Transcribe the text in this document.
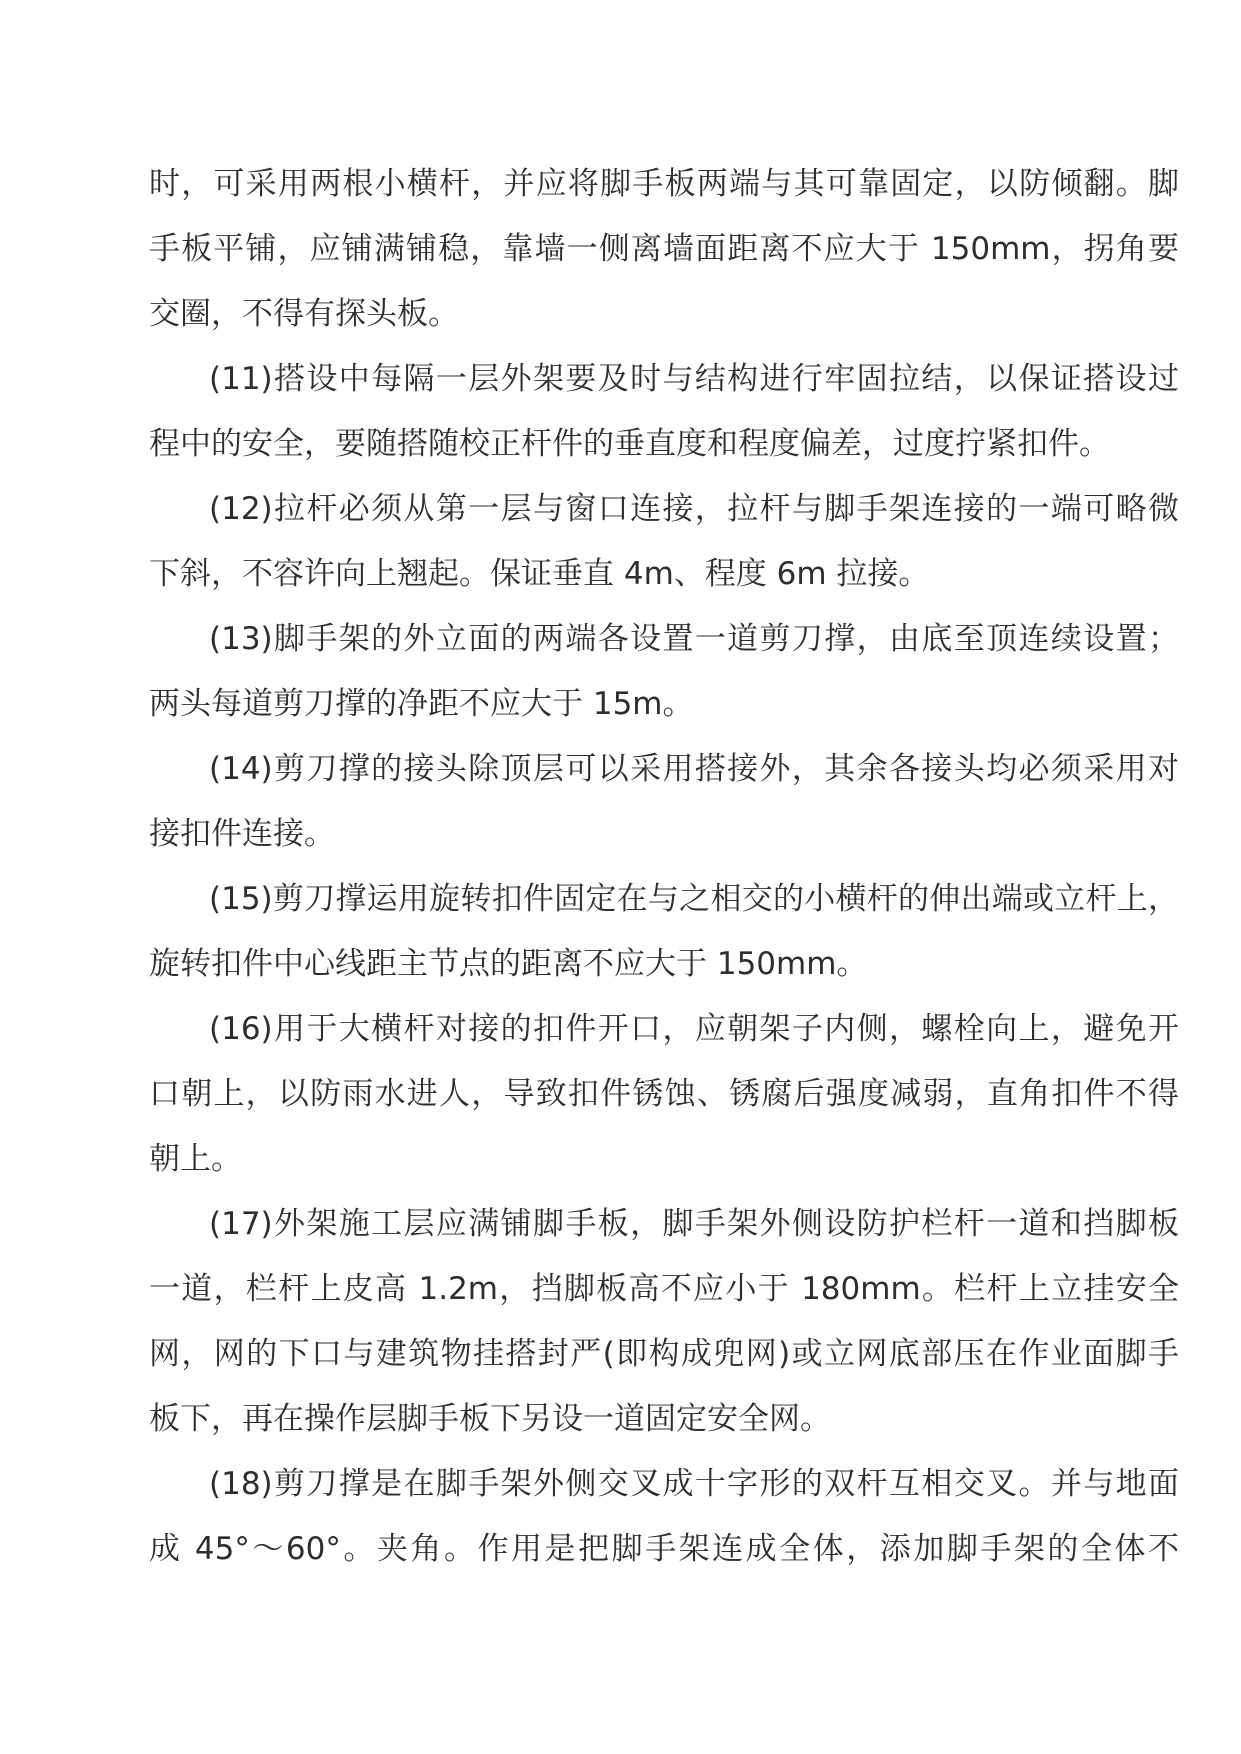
时，可采用两根小横杆，并应将脚手板两端与其可靠固定，以防倾翻。脚
手板平铺，应铺满铺稳，靠墙一侧离墙面距离不应大于 150mm，拐角要
交圈，不得有探头板。
(11)搭设中每隔一层外架要及时与结构进行牢固拉结，以保证搭设过
程中的安全，要随搭随校正杆件的垂直度和程度偏差，过度拧紧扣件。
(12)拉杆必须从第一层与窗口连接，拉杆与脚手架连接的一端可略微
下斜，不容许向上翘起。保证垂直 4m、程度 6m 拉接。
(13)脚手架的外立面的两端各设置一道剪刀撑，由底至顶连续设置；
两头每道剪刀撑的净距不应大于 15m。
(14)剪刀撑的接头除顶层可以采用搭接外，其余各接头均必须采用对
接扣件连接。
(15)剪刀撑运用旋转扣件固定在与之相交的小横杆的伸出端或立杆上，
旋转扣件中心线距主节点的距离不应大于 150mm。
(16)用于大横杆对接的扣件开口，应朝架子内侧，螺栓向上，避免开
口朝上，以防雨水进人，导致扣件锈蚀、锈腐后强度减弱，直角扣件不得
朝上。
(17)外架施工层应满铺脚手板，脚手架外侧设防护栏杆一道和挡脚板
一道，栏杆上皮高 1.2m，挡脚板高不应小于 180mm。栏杆上立挂安全
网，网的下口与建筑物挂搭封严(即构成兜网)或立网底部压在作业面脚手
板下，再在操作层脚手板下另设一道固定安全网。
(18)剪刀撑是在脚手架外侧交叉成十字形的双杆互相交叉。并与地面
成 45°～60°。夹角。作用是把脚手架连成全体，添加脚手架的全体不
